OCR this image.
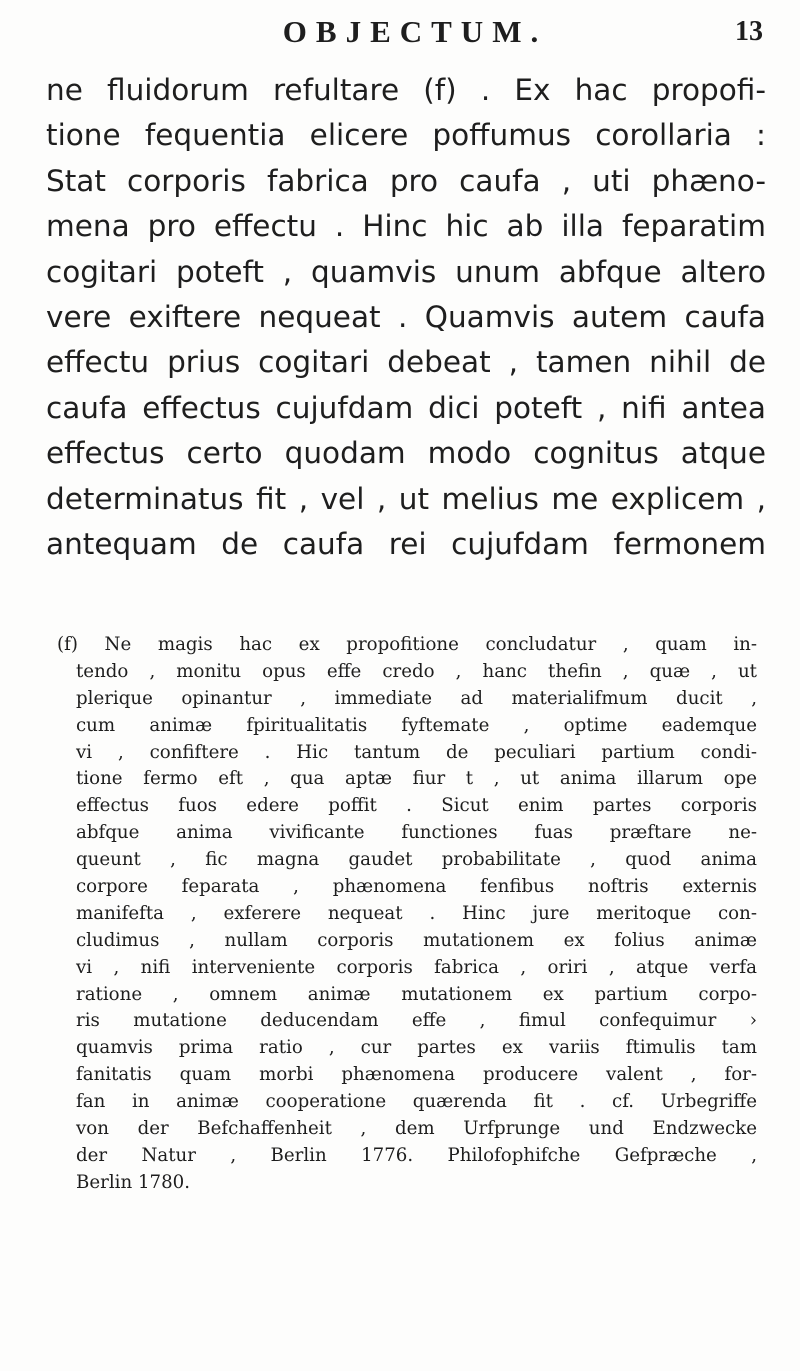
OBJECTUM.	13
ne fluidorum refultare (f) . Ex hac propofi-
tione fequentia elicere poffumus corollaria :
Stat corporis fabrica pro caufa , uti phæno-
mena pro effectu . Hinc hic ab illa feparatim
cogitari poteft , quamvis unum abfque altero
vere exiftere nequeat . Quamvis autem caufa
effectu prius cogitari debeat , tamen nihil de
caufa effectus cujufdam dici poteft , nifi antea
effectus certo quodam modo cognitus atque
determinatus fit , vel , ut melius me explicem ,
antequam de caufa rei cujufdam fermonem
(f) Ne magis hac ex propofitione concludatur , quam in-
tendo , monitu opus effe credo , hanc thefin , quæ , ut
plerique opinantur , immediate ad materialifmum ducit ,
cum animæ fpiritualitatis fyftemate , optime eademque
vi , confiftere . Hic tantum de peculiari partium condi-
tione fermo eft , qua aptæ fiur t , ut anima illarum ope
effectus fuos edere poffit . Sicut enim partes corporis
abfque anima vivificante functiones fuas præftare ne-
queunt , fic magna gaudet probabilitate , quod anima
corpore feparata , phænomena fenfibus noftris externis
manifefta , exferere nequeat . Hinc jure meritoque con-
cludimus , nullam corporis mutationem ex folius animæ
vi , nifi interveniente corporis fabrica , oriri , atque verfa
ratione , omnem animæ mutationem ex partium corpo-
ris mutatione deducendam effe , fimul confequimur ›
quamvis prima ratio , cur partes ex variis ftimulis tam
fanitatis quam morbi phænomena producere valent , for-
fan in animæ cooperatione quærenda fit . cf. Urbegriffe
von der Befchaffenheit , dem Urfprunge und Endzwecke
der Natur , Berlin 1776. Philofophifche Gefpræche ,
Berlin 1780.
